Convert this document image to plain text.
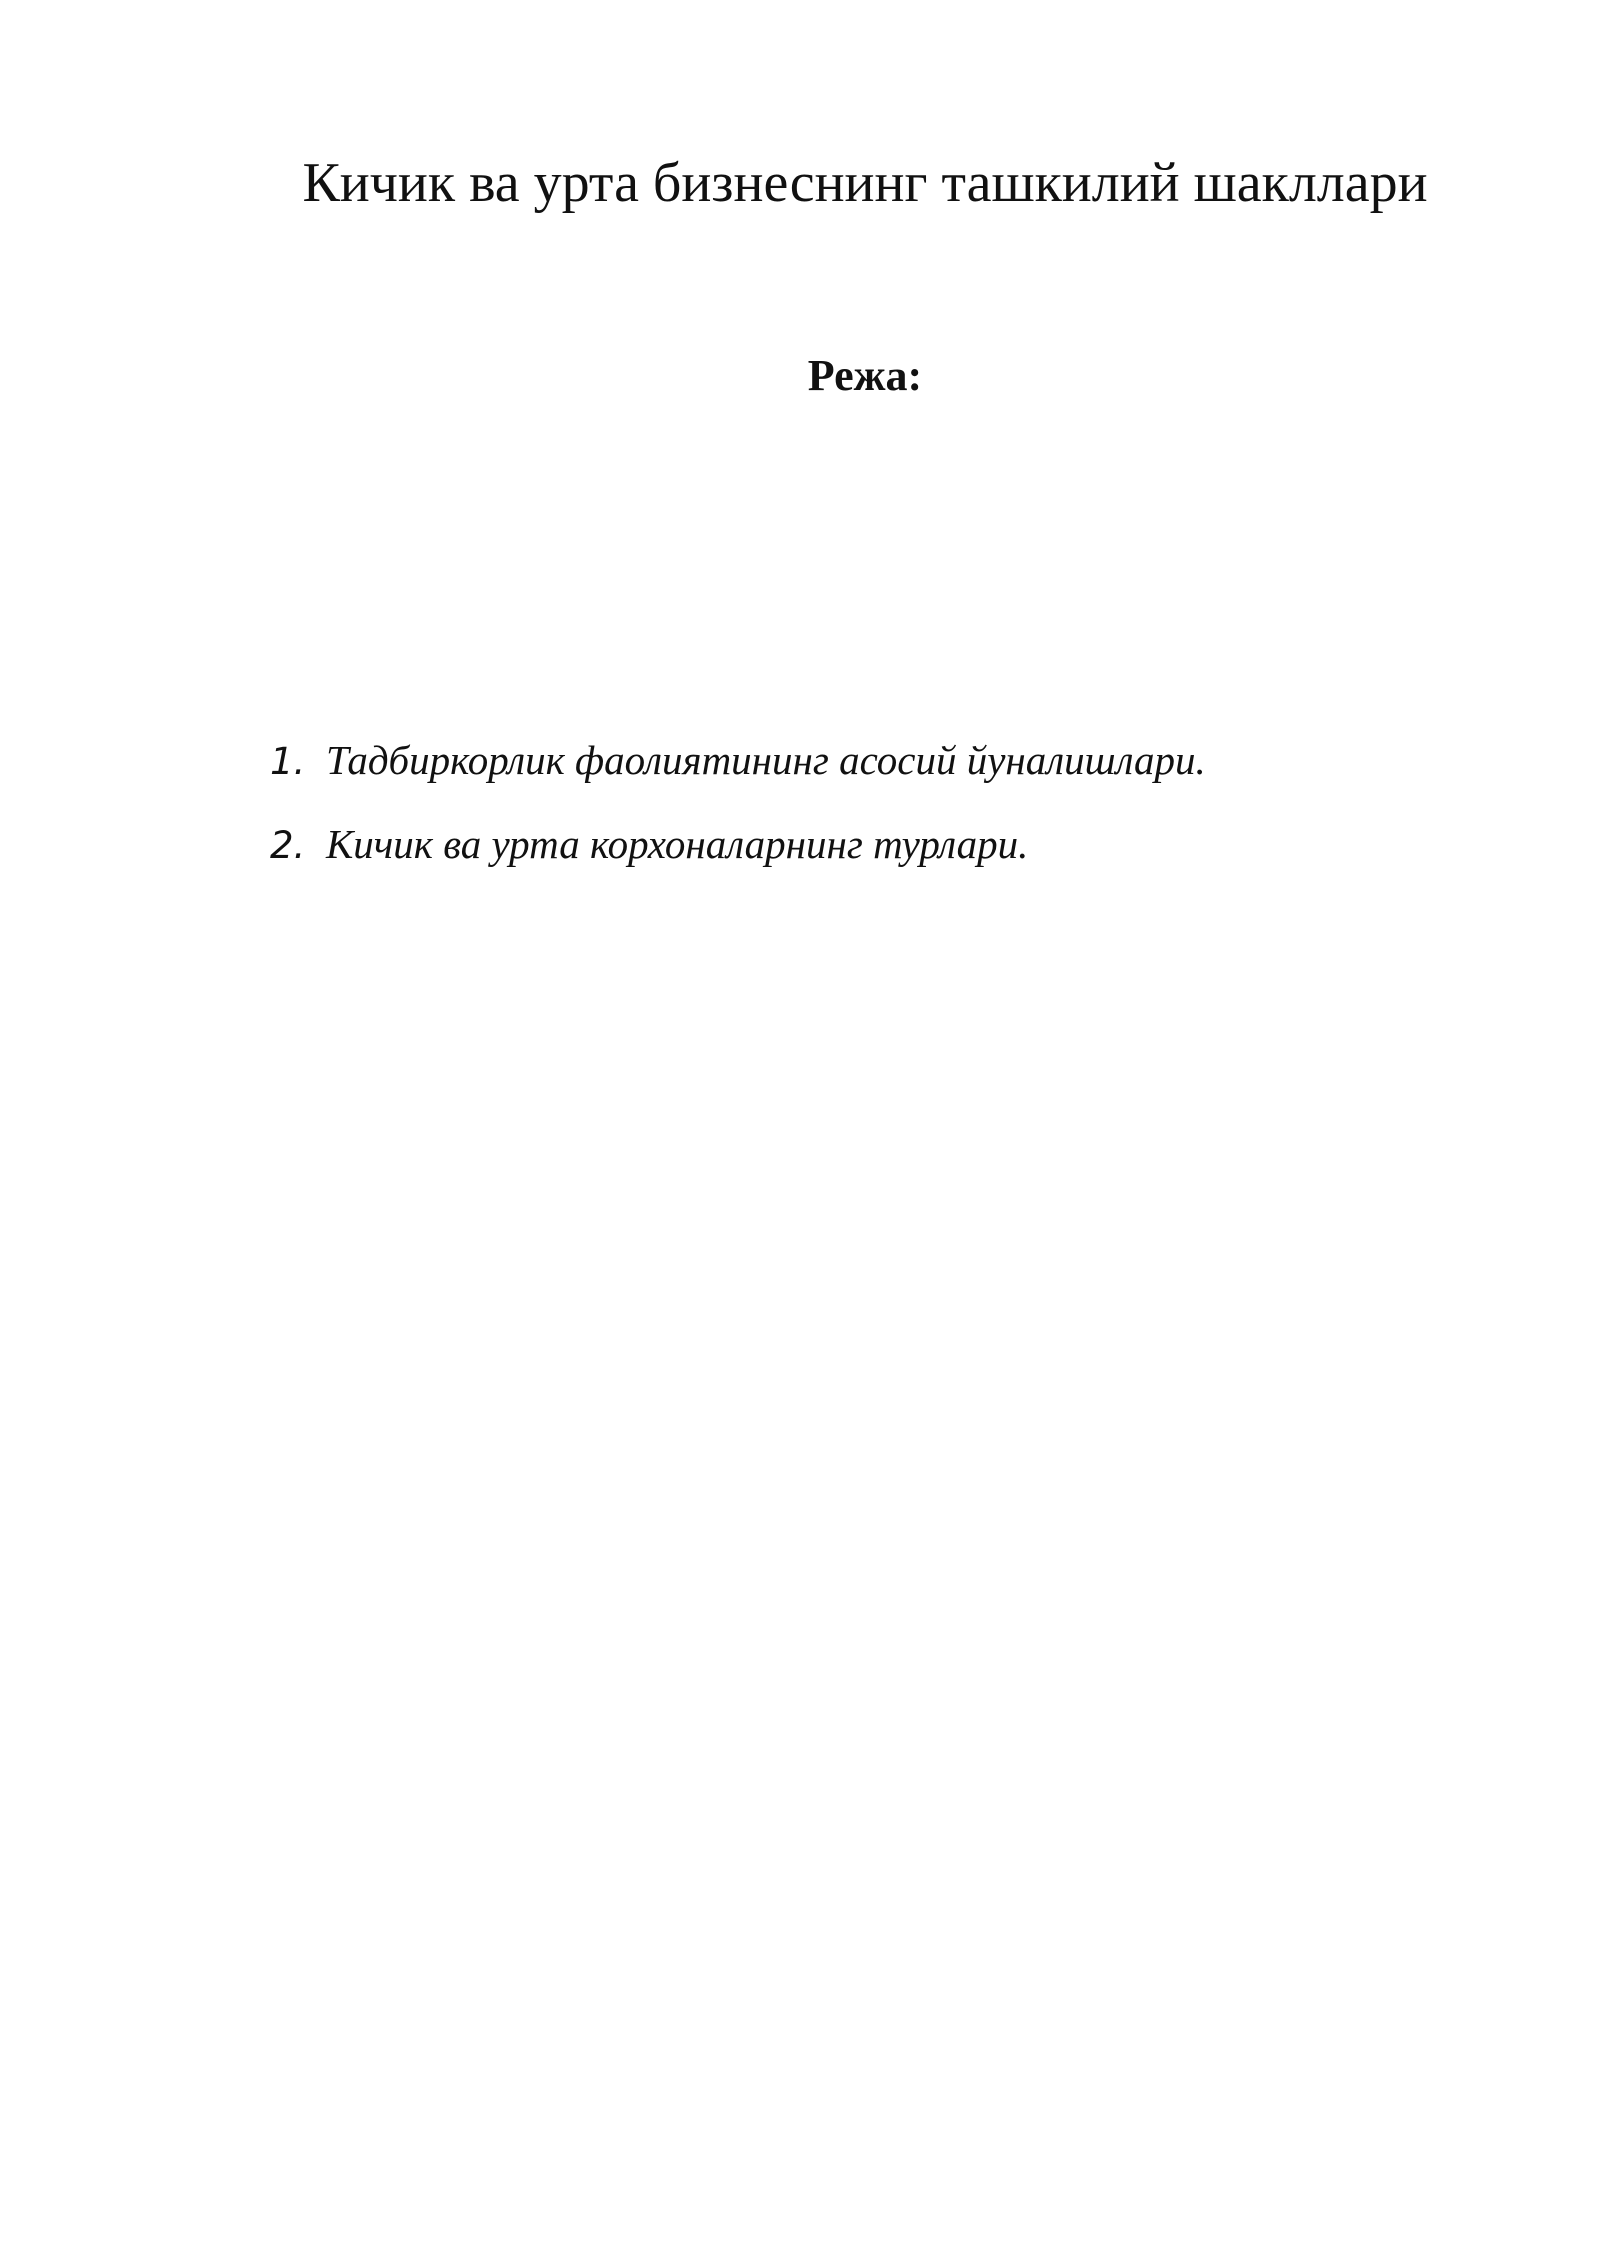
Кичик ва урта бизнеснинг ташкилий шакллари
Режа:
1. Тадбиркорлик фаолиятининг асосий йуналишлари.
2. Кичик ва урта корхоналарнинг турлари.
